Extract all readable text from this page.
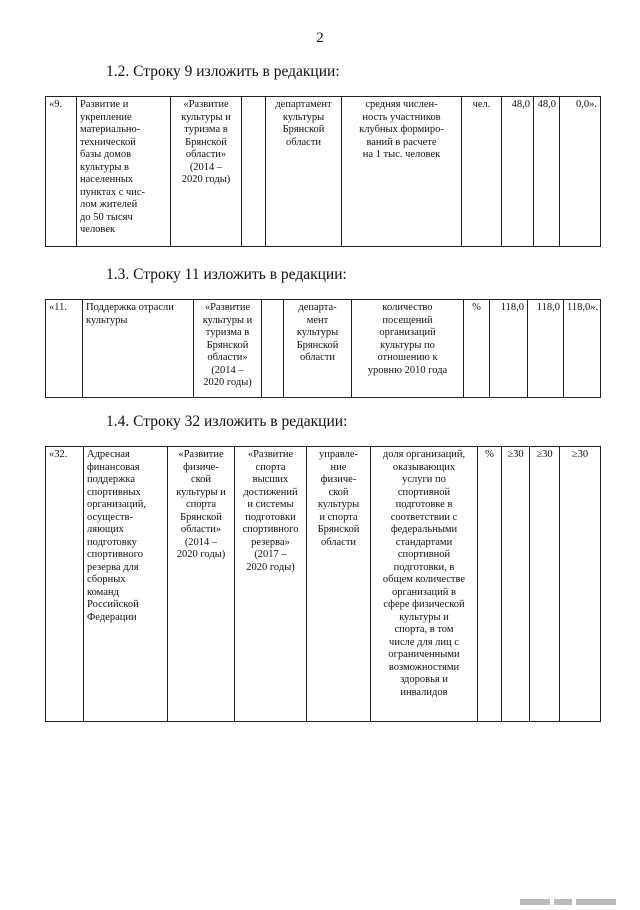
2
1.2. Строку 9 изложить в редакции:
«9.	Развитие и
укрепление
материально-
технической
базы домов
культуры в
населенных
пунктах с чис-
лом жителей
до 50 тысяч
человек	«Развитие
культуры и
туризма в
Брянской
области»
(2014 –
2020 годы)		департамент
культуры
Брянской
области	средняя числен-
ность участников
клубных формиро-
ваний в расчете
на 1 тыс. человек	чел.	48,0	48,0	0,0».
1.3. Строку 11 изложить в редакции:
«11.	Поддержка отрасли
культуры	«Развитие
культуры и
туризма в
Брянской
области»
(2014 –
2020 годы)		департа-
мент
культуры
Брянской
области	количество
посещений
организаций
культуры по
отношению к
уровню 2010 года	%	118,0	118,0	118,0».
1.4. Строку 32 изложить в редакции:
«32.	Адресная
финансовая
поддержка
спортивных
организаций,
осуществ-
ляющих
подготовку
спортивного
резерва для
сборных
команд
Российской
Федерации	«Развитие
физиче-
ской
культуры и
спорта
Брянской
области»
(2014 –
2020 годы)	«Развитие
спорта
высших
достижений
и системы
подготовки
спортивного
резерва»
(2017 –
2020 годы)	управле-
ние
физиче-
ской
культуры
и спорта
Брянской
области	доля организаций,
оказывающих
услуги по
спортивной
подготовке в
соответствии с
федеральными
стандартами
спортивной
подготовки, в
общем количестве
организаций в
сфере физической
культуры и
спорта, в том
числе для лиц с
ограниченными
возможностями
здоровья и
инвалидов	%	≥30	≥30	≥30
